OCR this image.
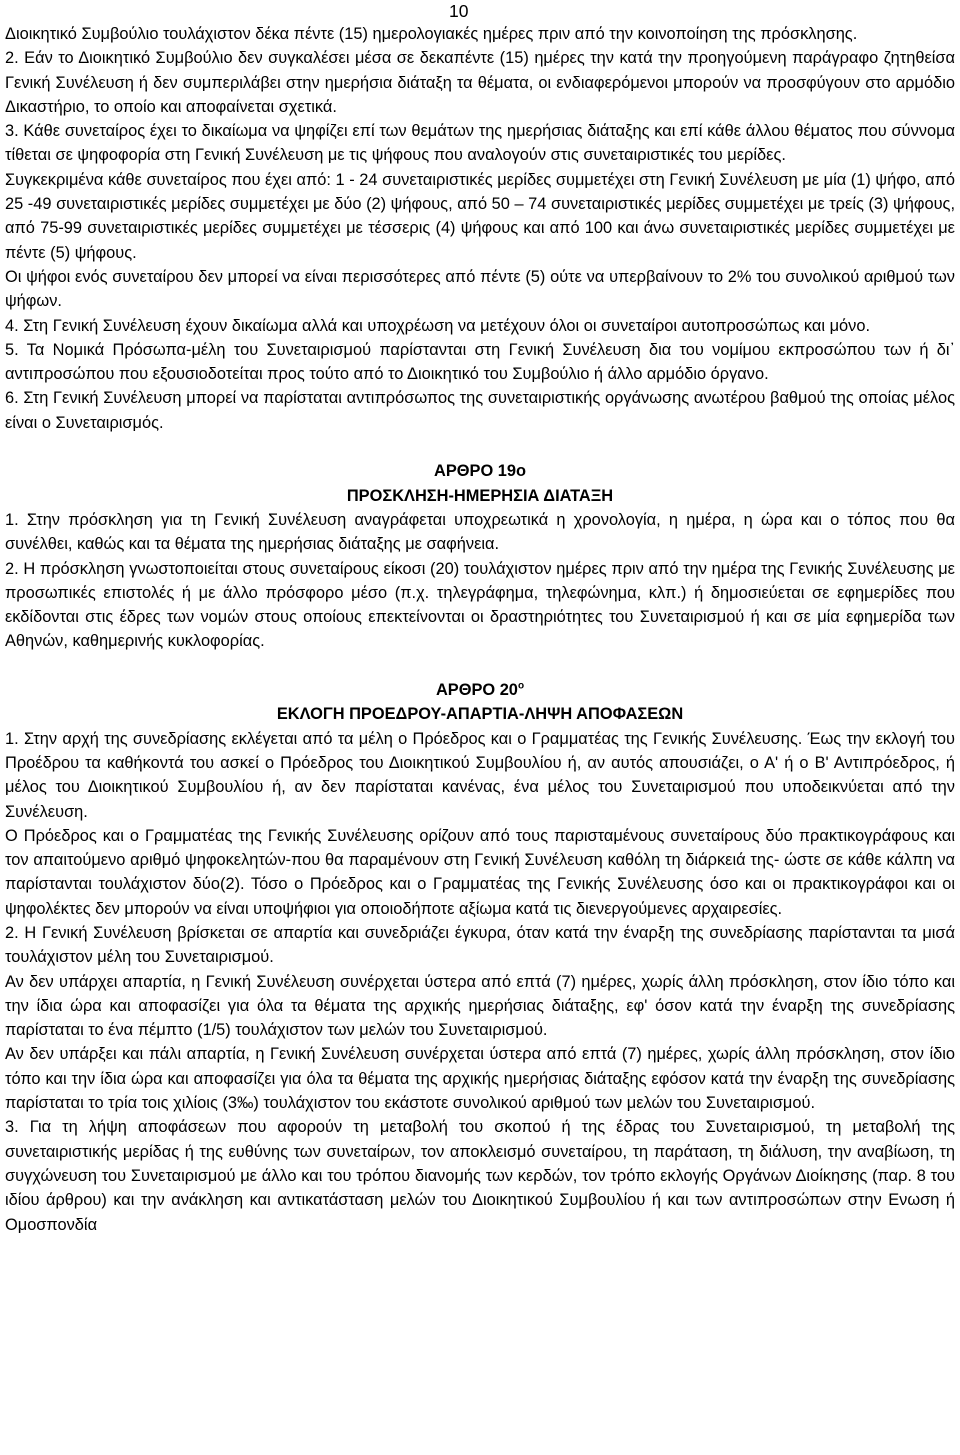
10

Διοικητικό Συμβούλιο τουλάχιστον δέκα πέντε (15) ημερολογιακές ημέρες πριν από την κοινοποίηση της πρόσκλησης.

2. Εάν το Διοικητικό Συμβούλιο δεν συγκαλέσει μέσα σε δεκαπέντε (15) ημέρες την κατά την προηγούμενη παράγραφο ζητηθείσα Γενική Συνέλευση ή δεν συμπεριλάβει στην ημερήσια διάταξη τα θέματα, οι ενδιαφερόμενοι μπορούν να προσφύγουν στο αρμόδιο Δικαστήριο, το οποίο και αποφαίνεται σχετικά.

3. Κάθε συνεταίρος έχει το δικαίωμα να ψηφίζει επί των θεμάτων της ημερήσιας διάταξης και επί κάθε άλλου θέματος που σύννομα τίθεται σε ψηφοφορία στη Γενική Συνέλευση με τις ψήφους που αναλογούν στις συνεταιριστικές του μερίδες.

Συγκεκριμένα κάθε συνεταίρος που έχει από: 1 - 24 συνεταιριστικές μερίδες συμμετέχει στη Γενική Συνέλευση με μία (1) ψήφο, από 25 -49 συνεταιριστικές μερίδες συμμετέχει με δύο (2) ψήφους, από 50 – 74 συνεταιριστικές μερίδες συμμετέχει με τρείς (3) ψήφους, από 75-99 συνεταιριστικές μερίδες συμμετέχει με τέσσερις (4) ψήφους και από 100 και άνω συνεταιριστικές μερίδες συμμετέχει με πέντε (5) ψήφους.

Οι ψήφοι ενός συνεταίρου δεν μπορεί να είναι περισσότερες από πέντε (5) ούτε να υπερβαίνουν το 2% του συνολικού αριθμού των ψήφων.

4. Στη Γενική Συνέλευση έχουν δικαίωμα αλλά και υποχρέωση να μετέχουν όλοι οι συνεταίροι αυτοπροσώπως και μόνο.

5. Τα Νομικά Πρόσωπα-μέλη του Συνεταιρισμού παρίστανται στη Γενική Συνέλευση δια του νομίμου εκπροσώπου των ή δι᾽ αντιπροσώπου που εξουσιοδοτείται προς τούτο από το Διοικητικό του Συμβούλιο ή άλλο αρμόδιο όργανο.

6. Στη Γενική Συνέλευση μπορεί να παρίσταται αντιπρόσωπος της συνεταιριστικής οργάνωσης ανωτέρου βαθμού της οποίας μέλος είναι ο Συνεταιρισμός.

ΑΡΘΡΟ 19ο

ΠΡΟΣΚΛΗΣΗ-ΗΜΕΡΗΣΙΑ ΔΙΑΤΑΞΗ

1. Στην πρόσκληση για τη Γενική Συνέλευση αναγράφεται υποχρεωτικά η χρονολογία, η ημέρα, η ώρα και ο τόπος που θα συνέλθει, καθώς και τα θέματα της ημερήσιας διάταξης με σαφήνεια.

2. Η πρόσκληση γνωστοποιείται στους συνεταίρους είκοσι (20) τουλάχιστον ημέρες πριν από την ημέρα της Γενικής Συνέλευσης με προσωπικές επιστολές ή με άλλο πρόσφορο μέσο (π.χ. τηλεγράφημα, τηλεφώνημα, κλπ.) ή δημοσιεύεται σε εφημερίδες που εκδίδονται στις έδρες των νομών στους οποίους επεκτείνονται οι δραστηριότητες του Συνεταιρισμού ή και σε μία εφημερίδα των Αθηνών, καθημερινής κυκλοφορίας.

ΑΡΘΡΟ $20^o$

ΕΚΛΟΓΗ ΠΡΟΕΔΡΟΥ-ΑΠΑΡΤΙΑ-ΛΗΨΗ ΑΠΟΦΑΣΕΩΝ

1. Στην αρχή της συνεδρίασης εκλέγεται από τα μέλη ο Πρόεδρος και ο Γραμματέας της Γενικής Συνέλευσης. Έως την εκλογή του Προέδρου τα καθήκοντά του ασκεί ο Πρόεδρος του Διοικητικού Συμβουλίου ή, αν αυτός απουσιάζει, ο Α' ή ο Β' Αντιπρόεδρος, ή μέλος του Διοικητικού Συμβουλίου ή, αν δεν παρίσταται κανένας, ένα μέλος του Συνεταιρισμού που υποδεικνύεται από την Συνέλευση.

Ο Πρόεδρος και ο Γραμματέας της Γενικής Συνέλευσης ορίζουν από τους παρισταμένους συνεταίρους δύο πρακτικογράφους και τον απαιτούμενο αριθμό ψηφοκελητών-που θα παραμένουν στη Γενική Συνέλευση καθόλη τη διάρκειά της- ώστε σε κάθε κάλπη να παρίστανται τουλάχιστον δύο(2). Τόσο ο Πρόεδρος και ο Γραμματέας της Γενικής Συνέλευσης όσο και οι πρακτικογράφοι και οι ψηφολέκτες δεν μπορούν να είναι υποψήφιοι για οποιοδήποτε αξίωμα κατά τις διενεργούμενες αρχαιρεσίες.

2. Η Γενική Συνέλευση βρίσκεται σε απαρτία και συνεδριάζει έγκυρα, όταν κατά την έναρξη της συνεδρίασης παρίστανται τα μισά τουλάχιστον μέλη του Συνεταιρισμού.

Αν δεν υπάρχει απαρτία, η Γενική Συνέλευση συνέρχεται ύστερα από επτά (7) ημέρες, χωρίς άλλη πρόσκληση, στον ίδιο τόπο και την ίδια ώρα και αποφασίζει για όλα τα θέματα της αρχικής ημερήσιας διάταξης, εφ' όσον κατά την έναρξη της συνεδρίασης παρίσταται το ένα πέμπτο (1/5) τουλάχιστον των μελών του Συνεταιρισμού.

Αν δεν υπάρξει και πάλι απαρτία, η Γενική Συνέλευση συνέρχεται ύστερα από επτά (7) ημέρες, χωρίς άλλη πρόσκληση, στον ίδιο τόπο και την ίδια ώρα και αποφασίζει για όλα τα θέματα της αρχικής ημερήσιας διάταξης εφόσον κατά την έναρξη της συνεδρίασης παρίσταται το τρία τοις χιλίοις (3‰) τουλάχιστον του εκάστοτε συνολικού αριθμού των μελών του Συνεταιρισμού.

3. Για τη λήψη αποφάσεων που αφορούν τη μεταβολή του σκοπού ή της έδρας του Συνεταιρισμού, τη μεταβολή της συνεταιριστικής μερίδας ή της ευθύνης των συνεταίρων, τον αποκλεισμό συνεταίρου, τη παράταση, τη διάλυση, την αναβίωση, τη συγχώνευση του Συνεταιρισμού με άλλο και του τρόπου διανομής των κερδών, τον τρόπο εκλογής Οργάνων Διοίκησης (παρ. 8 του ιδίου άρθρου) και την ανάκληση και αντικατάσταση μελών του Διοικητικού Συμβουλίου ή και των αντιπροσώπων στην Ενωση ή Ομοσπονδία
